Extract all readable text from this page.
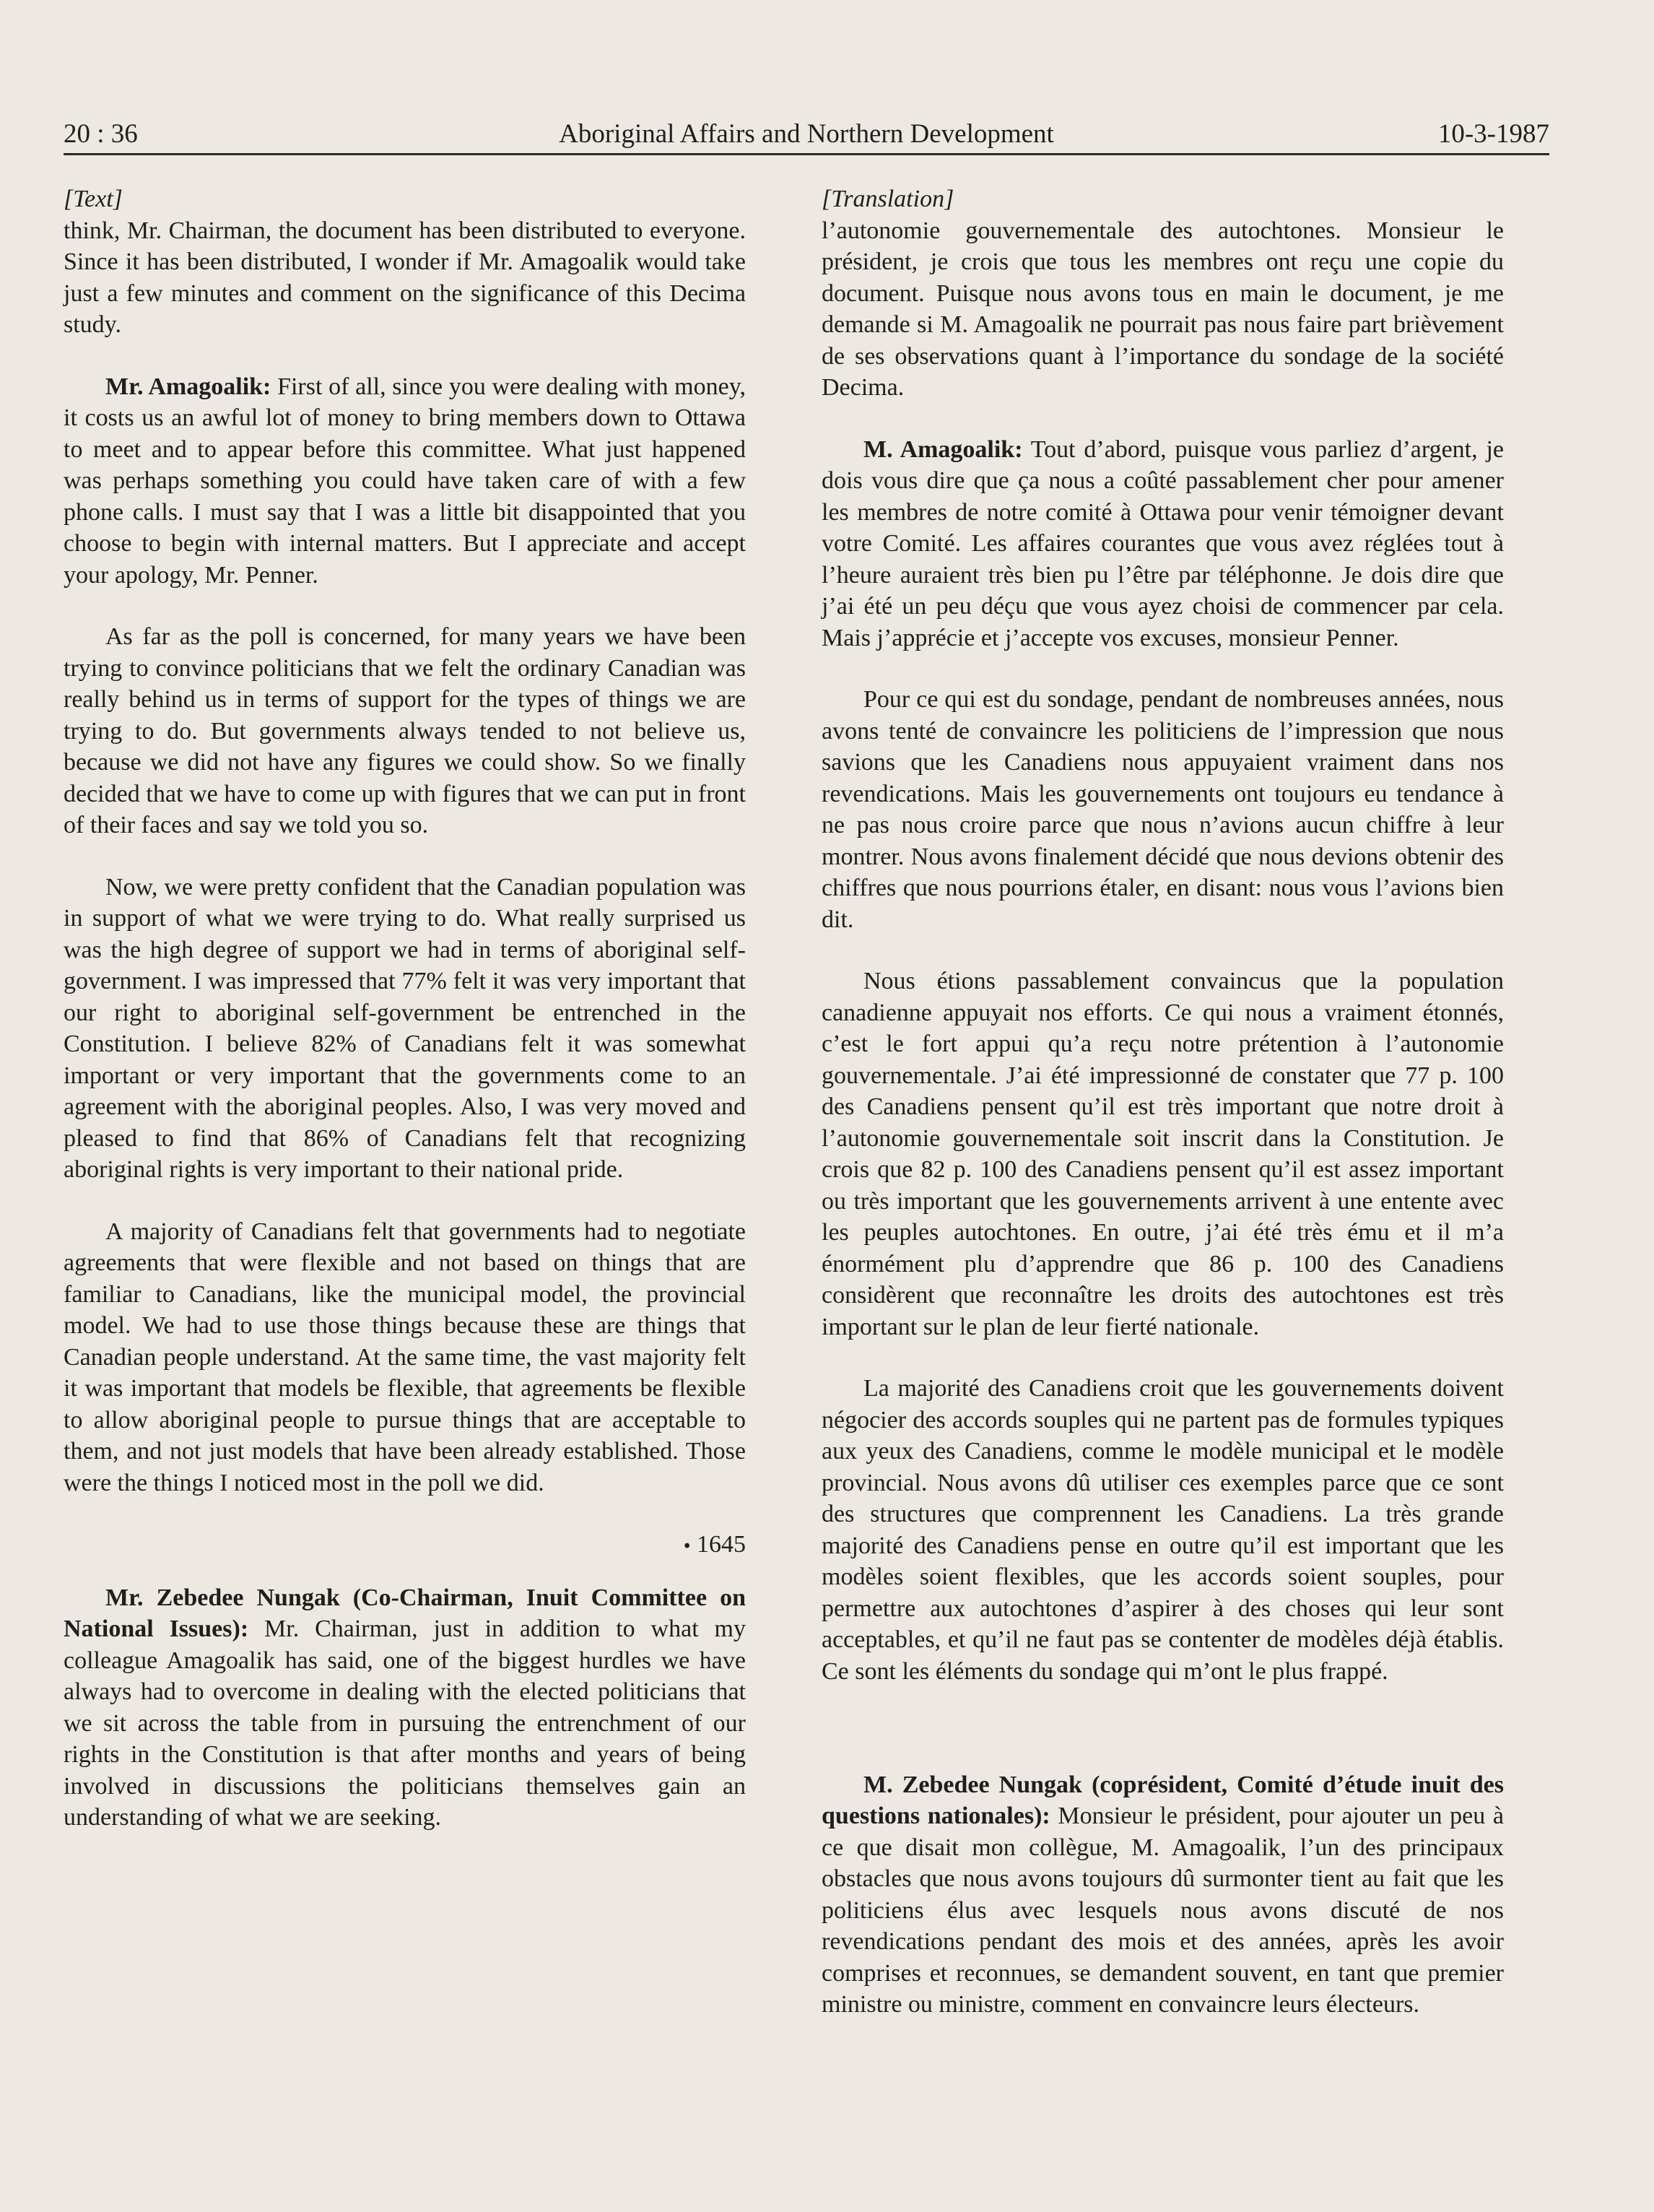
20 : 36	Aboriginal Affairs and Northern Development	10-3-1987
[Text]

think, Mr. Chairman, the document has been distributed to everyone. Since it has been distributed, I wonder if Mr. Amagoalik would take just a few minutes and comment on the significance of this Decima study.

Mr. Amagoalik: First of all, since you were dealing with money, it costs us an awful lot of money to bring members down to Ottawa to meet and to appear before this committee. What just happened was perhaps something you could have taken care of with a few phone calls. I must say that I was a little bit disappointed that you choose to begin with internal matters. But I appreciate and accept your apology, Mr. Penner.

As far as the poll is concerned, for many years we have been trying to convince politicians that we felt the ordinary Canadian was really behind us in terms of support for the types of things we are trying to do. But governments always tended to not believe us, because we did not have any figures we could show. So we finally decided that we have to come up with figures that we can put in front of their faces and say we told you so.

Now, we were pretty confident that the Canadian population was in support of what we were trying to do. What really surprised us was the high degree of support we had in terms of aboriginal self-government. I was impressed that 77% felt it was very important that our right to aboriginal self-government be entrenched in the Constitution. I believe 82% of Canadians felt it was somewhat important or very important that the governments come to an agreement with the aboriginal peoples. Also, I was very moved and pleased to find that 86% of Canadians felt that recognizing aboriginal rights is very important to their national pride.

A majority of Canadians felt that governments had to negotiate agreements that were flexible and not based on things that are familiar to Canadians, like the municipal model, the provincial model. We had to use those things because these are things that Canadian people understand. At the same time, the vast majority felt it was important that models be flexible, that agreements be flexible to allow aboriginal people to pursue things that are acceptable to them, and not just models that have been already established. Those were the things I noticed most in the poll we did.

• 1645

Mr. Zebedee Nungak (Co-Chairman, Inuit Committee on National Issues): Mr. Chairman, just in addition to what my colleague Amagoalik has said, one of the biggest hurdles we have always had to overcome in dealing with the elected politicians that we sit across the table from in pursuing the entrenchment of our rights in the Constitution is that after months and years of being involved in discussions the politicians themselves gain an understanding of what we are seeking.

[Translation]

l’autonomie gouvernementale des autochtones. Monsieur le président, je crois que tous les membres ont reçu une copie du document. Puisque nous avons tous en main le document, je me demande si M. Amagoalik ne pourrait pas nous faire part brièvement de ses observations quant à l’importance du sondage de la société Decima.

M. Amagoalik: Tout d’abord, puisque vous parliez d’argent, je dois vous dire que ça nous a coûté passablement cher pour amener les membres de notre comité à Ottawa pour venir témoigner devant votre Comité. Les affaires courantes que vous avez réglées tout à l’heure auraient très bien pu l’être par téléphonne. Je dois dire que j’ai été un peu déçu que vous ayez choisi de commencer par cela. Mais j’apprécie et j’accepte vos excuses, monsieur Penner.

Pour ce qui est du sondage, pendant de nombreuses années, nous avons tenté de convaincre les politiciens de l’impression que nous savions que les Canadiens nous appuyaient vraiment dans nos revendications. Mais les gouvernements ont toujours eu tendance à ne pas nous croire parce que nous n’avions aucun chiffre à leur montrer. Nous avons finalement décidé que nous devions obtenir des chiffres que nous pourrions étaler, en disant: nous vous l’avions bien dit.

Nous étions passablement convaincus que la population canadienne appuyait nos efforts. Ce qui nous a vraiment étonnés, c’est le fort appui qu’a reçu notre prétention à l’autonomie gouvernementale. J’ai été impressionné de constater que 77 p. 100 des Canadiens pensent qu’il est très important que notre droit à l’autonomie gouvernementale soit inscrit dans la Constitution. Je crois que 82 p. 100 des Canadiens pensent qu’il est assez important ou très important que les gouvernements arrivent à une entente avec les peuples autochtones. En outre, j’ai été très ému et il m’a énormément plu d’apprendre que 86 p. 100 des Canadiens considèrent que reconnaître les droits des autochtones est très important sur le plan de leur fierté nationale.

La majorité des Canadiens croit que les gouvernements doivent négocier des accords souples qui ne partent pas de formules typiques aux yeux des Canadiens, comme le modèle municipal et le modèle provincial. Nous avons dû utiliser ces exemples parce que ce sont des structures que comprennent les Canadiens. La très grande majorité des Canadiens pense en outre qu’il est important que les modèles soient flexibles, que les accords soient souples, pour permettre aux autochtones d’aspirer à des choses qui leur sont acceptables, et qu’il ne faut pas se contenter de modèles déjà établis. Ce sont les éléments du sondage qui m’ont le plus frappé.

M. Zebedee Nungak (coprésident, Comité d’étude inuit des questions nationales): Monsieur le président, pour ajouter un peu à ce que disait mon collègue, M. Amagoalik, l’un des principaux obstacles que nous avons toujours dû surmonter tient au fait que les politiciens élus avec lesquels nous avons discuté de nos revendications pendant des mois et des années, après les avoir comprises et reconnues, se demandent souvent, en tant que premier ministre ou ministre, comment en convaincre leurs électeurs.
